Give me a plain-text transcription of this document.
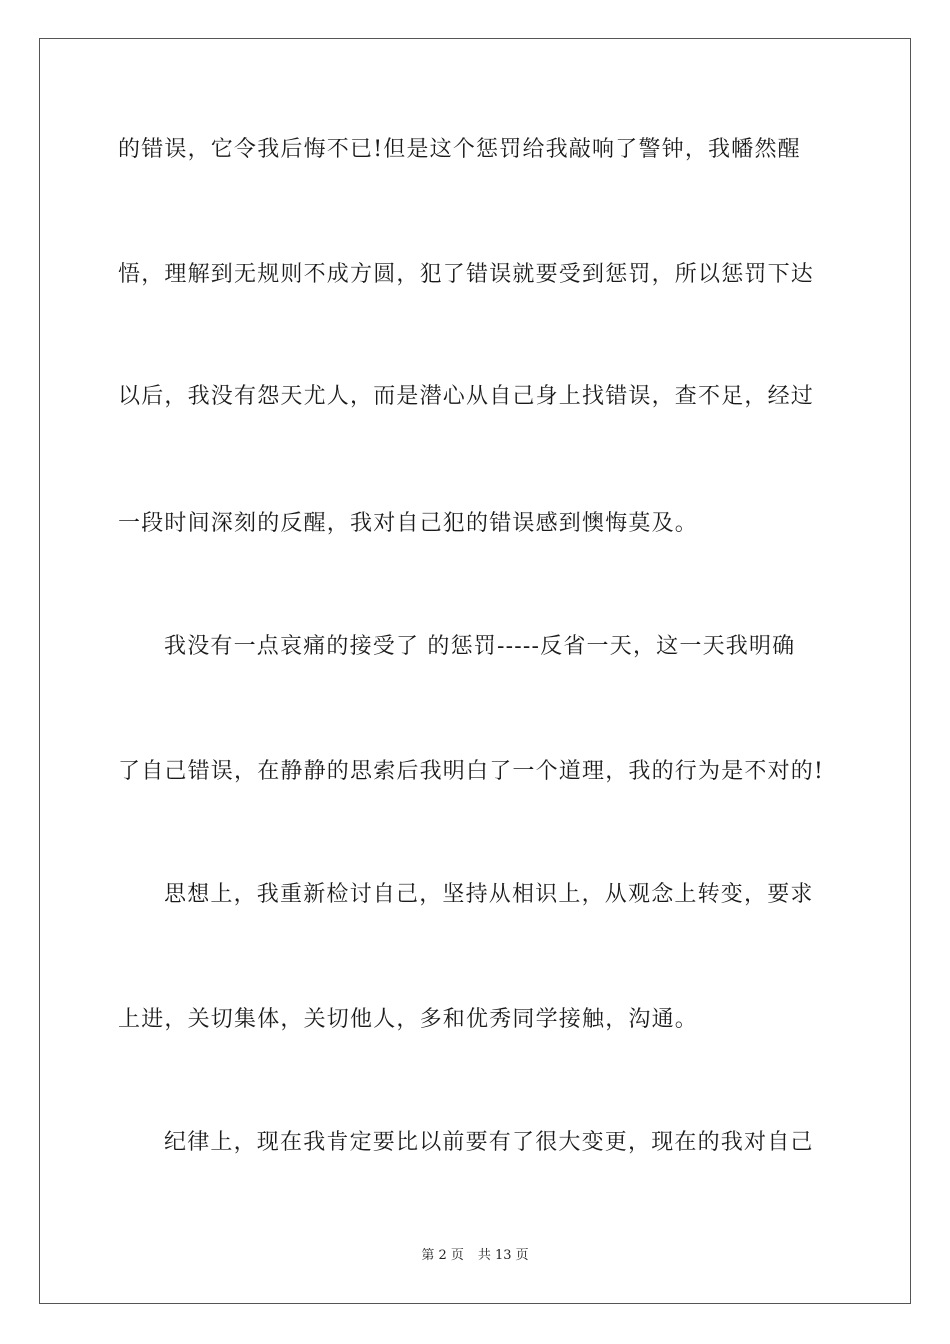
的错误，它令我后悔不已!但是这个惩罚给我敲响了警钟，我幡然醒
悟，理解到无规则不成方圆，犯了错误就要受到惩罚，所以惩罚下达
以后，我没有怨天尤人，而是潜心从自己身上找错误，查不足，经过
一段时间深刻的反醒，我对自己犯的错误感到懊悔莫及。
我没有一点哀痛的接受了 的惩罚-----反省一天，这一天我明确
了自己错误，在静静的思索后我明白了一个道理，我的行为是不对的!
思想上，我重新检讨自己，坚持从相识上，从观念上转变，要求
上进，关切集体，关切他人，多和优秀同学接触，沟通。
纪律上，现在我肯定要比以前要有了很大变更，现在的我对自己
第 2 页 共 13 页
